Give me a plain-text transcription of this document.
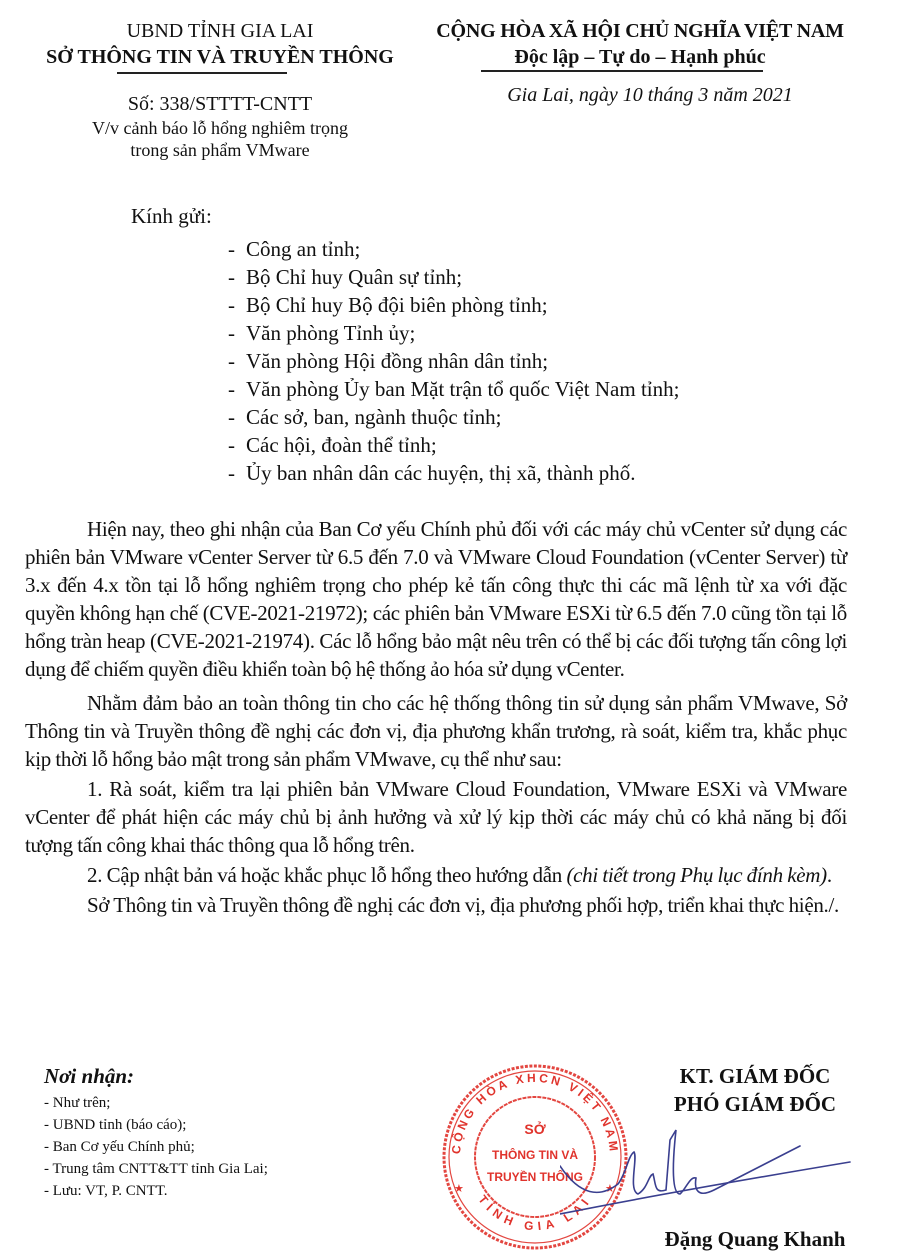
UBND TỈNH GIA LAI
SỞ THÔNG TIN VÀ TRUYỀN THÔNG
CỘNG HÒA XÃ HỘI CHỦ NGHĨA VIỆT NAM
Độc lập – Tự do – Hạnh phúc
Số: 338/STTTT-CNTT
V/v cảnh báo lỗ hổng nghiêm trọng
trong sản phẩm VMware
Gia Lai, ngày 10 tháng 3 năm 2021
Kính gửi:
- Công an tỉnh;
- Bộ Chỉ huy Quân sự tỉnh;
- Bộ Chỉ huy Bộ đội biên phòng tỉnh;
- Văn phòng Tỉnh ủy;
- Văn phòng Hội đồng nhân dân tỉnh;
- Văn phòng Ủy ban Mặt trận tổ quốc Việt Nam tỉnh;
- Các sở, ban, ngành thuộc tỉnh;
- Các hội, đoàn thể tỉnh;
- Ủy ban nhân dân các huyện, thị xã, thành phố.

Hiện nay, theo ghi nhận của Ban Cơ yếu Chính phủ đối với các máy chủ vCenter sử dụng các phiên bản VMware vCenter Server từ 6.5 đến 7.0 và VMware Cloud Foundation (vCenter Server) từ 3.x đến 4.x tồn tại lỗ hổng nghiêm trọng cho phép kẻ tấn công thực thi các mã lệnh từ xa với đặc quyền không hạn chế (CVE-2021-21972); các phiên bản VMware ESXi từ 6.5 đến 7.0 cũng tồn tại lỗ hổng tràn heap (CVE-2021-21974). Các lỗ hổng bảo mật nêu trên có thể bị các đối tượng tấn công lợi dụng để chiếm quyền điều khiển toàn bộ hệ thống ảo hóa sử dụng vCenter.

Nhằm đảm bảo an toàn thông tin cho các hệ thống thông tin sử dụng sản phẩm VMwave, Sở Thông tin và Truyền thông đề nghị các đơn vị, địa phương khẩn trương, rà soát, kiểm tra, khắc phục kịp thời lỗ hổng bảo mật trong sản phẩm VMwave, cụ thể như sau:

1. Rà soát, kiểm tra lại phiên bản VMware Cloud Foundation, VMware ESXi và VMware vCenter để phát hiện các máy chủ bị ảnh hưởng và xử lý kịp thời các máy chủ có khả năng bị đối tượng tấn công khai thác thông qua lỗ hổng trên.

2. Cập nhật bản vá hoặc khắc phục lỗ hổng theo hướng dẫn (chi tiết trong Phụ lục đính kèm).

Sở Thông tin và Truyền thông đề nghị các đơn vị, địa phương phối hợp, triển khai thực hiện./.

Nơi nhận:
- Như trên;
- UBND tỉnh (báo cáo);
- Ban Cơ yếu Chính phủ;
- Trung tâm CNTT&TT tỉnh Gia Lai;
- Lưu: VT, P. CNTT.
CỘNG HÒA XHCN VIỆT NAM
TỈNH GIA LAI
★	★
SỞ
THÔNG TIN VÀ
TRUYỀN THÔNG
KT. GIÁM ĐỐC
PHÓ GIÁM ĐỐC
Đặng Quang Khanh
